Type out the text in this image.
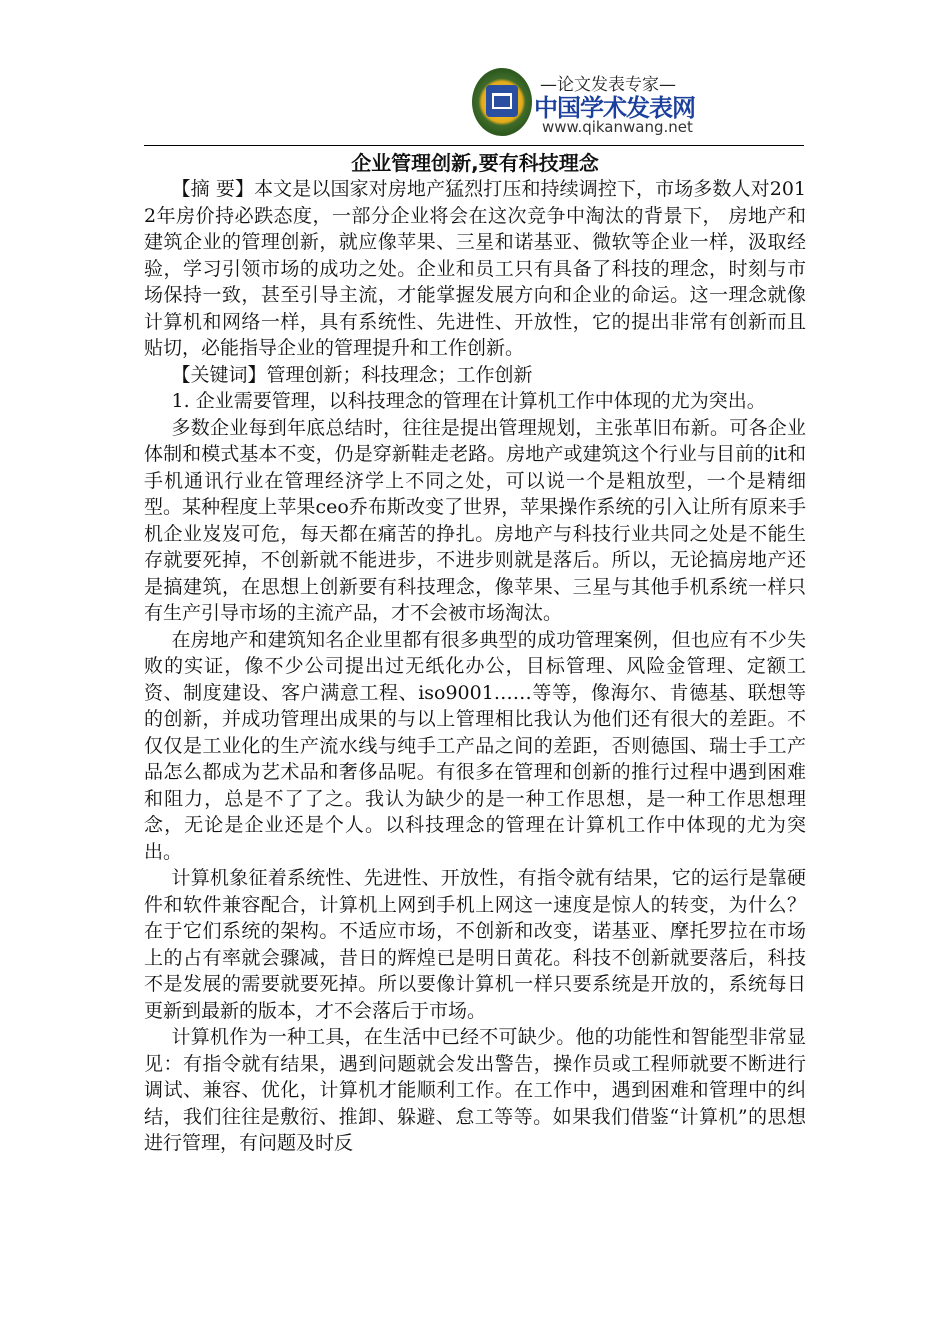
—论文发表专家—
中国学术发表网
www.qikanwang.net
企业管理创新,要有科技理念

【摘 要】本文是以国家对房地产猛烈打压和持续调控下，市场多数人对2012年房价持必跌态度，一部分企业将会在这次竞争中淘汰的背景下， 房地产和建筑企业的管理创新，就应像苹果、三星和诺基亚、微软等企业一样，汲取经验，学习引领市场的成功之处。企业和员工只有具备了科技的理念，时刻与市场保持一致，甚至引导主流，才能掌握发展方向和企业的命运。这一理念就像计算机和网络一样，具有系统性、先进性、开放性，它的提出非常有创新而且贴切，必能指导企业的管理提升和工作创新。

【关键词】管理创新；科技理念；工作创新

1. 企业需要管理，以科技理念的管理在计算机工作中体现的尤为突出。

多数企业每到年底总结时，往往是提出管理规划，主张革旧布新。可各企业体制和模式基本不变，仍是穿新鞋走老路。房地产或建筑这个行业与目前的it和手机通讯行业在管理经济学上不同之处，可以说一个是粗放型，一个是精细型。某种程度上苹果ceo乔布斯改变了世界，苹果操作系统的引入让所有原来手机企业岌岌可危，每天都在痛苦的挣扎。房地产与科技行业共同之处是不能生存就要死掉，不创新就不能进步，不进步则就是落后。所以，无论搞房地产还是搞建筑，在思想上创新要有科技理念，像苹果、三星与其他手机系统一样只有生产引导市场的主流产品，才不会被市场淘汰。

在房地产和建筑知名企业里都有很多典型的成功管理案例，但也应有不少失败的实证，像不少公司提出过无纸化办公，目标管理、风险金管理、定额工资、制度建设、客户满意工程、iso9001……等等，像海尔、肯德基、联想等的创新，并成功管理出成果的与以上管理相比我认为他们还有很大的差距。不仅仅是工业化的生产流水线与纯手工产品之间的差距，否则德国、瑞士手工产品怎么都成为艺术品和奢侈品呢。有很多在管理和创新的推行过程中遇到困难和阻力，总是不了了之。我认为缺少的是一种工作思想，是一种工作思想理念，无论是企业还是个人。以科技理念的管理在计算机工作中体现的尤为突出。

计算机象征着系统性、先进性、开放性，有指令就有结果，它的运行是靠硬件和软件兼容配合，计算机上网到手机上网这一速度是惊人的转变，为什么？在于它们系统的架构。不适应市场，不创新和改变，诺基亚、摩托罗拉在市场上的占有率就会骤减，昔日的辉煌已是明日黄花。科技不创新就要落后，科技不是发展的需要就要死掉。所以要像计算机一样只要系统是开放的，系统每日更新到最新的版本，才不会落后于市场。

计算机作为一种工具，在生活中已经不可缺少。他的功能性和智能型非常显见：有指令就有结果，遇到问题就会发出警告，操作员或工程师就要不断进行调试、兼容、优化，计算机才能顺利工作。在工作中，遇到困难和管理中的纠结，我们往往是敷衍、推卸、躲避、怠工等等。如果我们借鉴“计算机”的思想进行管理，有问题及时反
